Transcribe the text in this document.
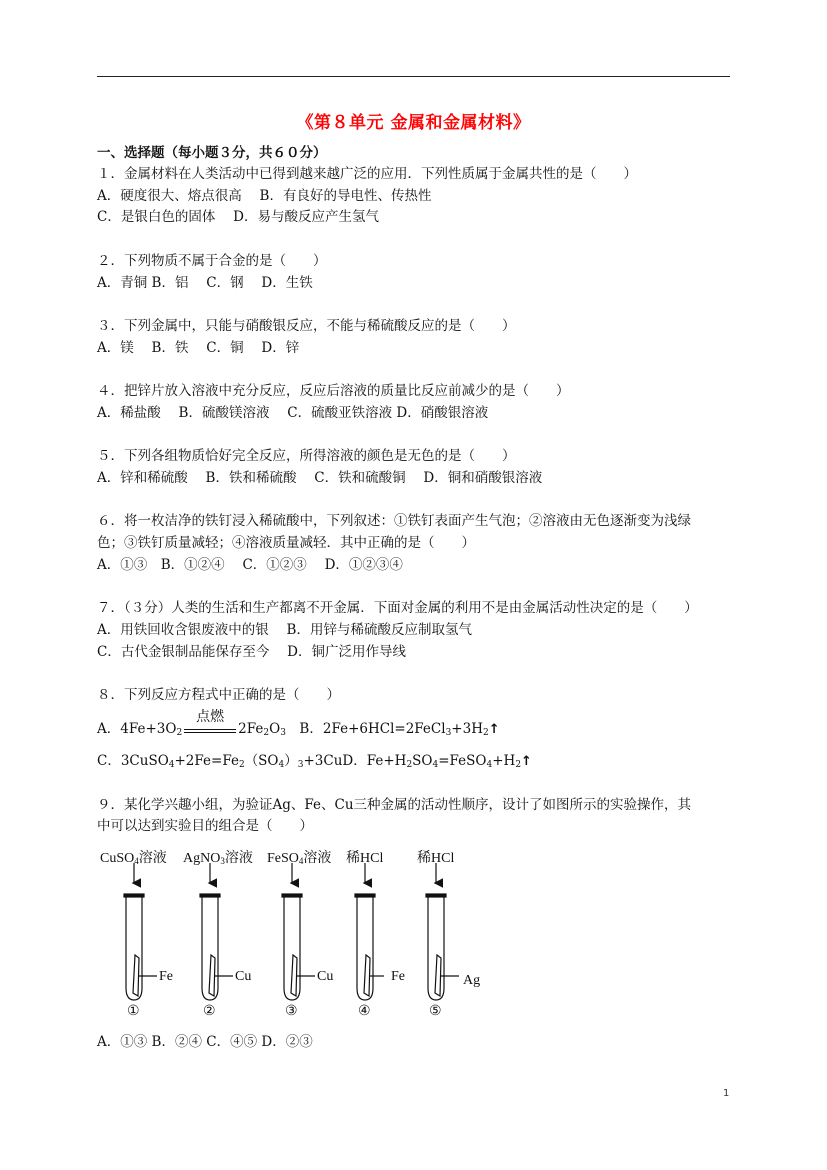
《第８单元 金属和金属材料》
一、选择题（每小题３分，共６０分）
１．金属材料在人类活动中已得到越来越广泛的应用．下列性质属于金属共性的是（　　）
A．硬度很大、熔点很高　 B．有良好的导电性、传热性
C．是银白色的固体　 D．易与酸反应产生氢气
２．下列物质不属于合金的是（　　）
A．青铜 B．铝　 C．钢　 D．生铁
３．下列金属中，只能与硝酸银反应，不能与稀硫酸反应的是（　　）
A．镁　 B．铁　 C．铜　 D．锌
４．把锌片放入溶液中充分反应，反应后溶液的质量比反应前减少的是（　　）
A．稀盐酸　 B．硫酸镁溶液　 C．硫酸亚铁溶液 D．硝酸银溶液
５．下列各组物质恰好完全反应，所得溶液的颜色是无色的是（　　）
A．锌和稀硫酸　 B．铁和稀硫酸　 C．铁和硫酸铜　 D．铜和硝酸银溶液
６．将一枚洁净的铁钉浸入稀硫酸中，下列叙述：①铁钉表面产生气泡；②溶液由无色逐渐变为浅绿
色；③铁钉质量减轻；④溶液质量减轻．其中正确的是（　　）
A．①③　B．①②④　 C．①②③　 D．①②③④
７．（３分）人类的生活和生产都离不开金属．下面对金属的利用不是由金属活动性决定的是（　　）
A．用铁回收含银废液中的银　 B．用锌与稀硫酸反应制取氢气
C．古代金银制品能保存至今　 D．铜广泛用作导线
８．下列反应方程式中正确的是（　　）
A．$4Fe+3O_2$
点燃
$2Fe_2O_3$　B．$2Fe+6HCl=2FeCl_3+3H_2↑$
C．$3CuSO_4+2Fe=Fe_2(SO_4)_3+3CuD$．$Fe+H_2SO_4=FeSO_4+H_2↑$
９．某化学兴趣小组，为验证Ag、Fe、Cu三种金属的活动性顺序，设计了如图所示的实验操作，其
中可以达到实验目的组合是（　　）
CuSO$_4$溶液 AgNO$_3$溶液 FeSO$_4$溶液 稀HCl 稀HCl
Fe	Cu	Cu	Fe	Ag
①	②	③	④	⑤
A．①③ B．②④ C．④⑤ D．②③
1
